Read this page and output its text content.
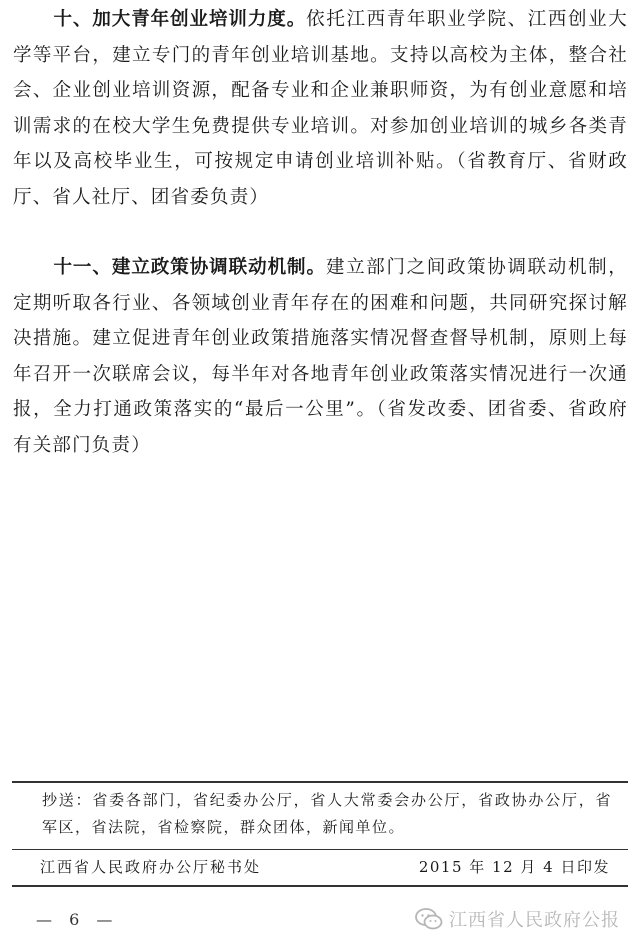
十、加大青年创业培训力度。依托江西青年职业学院、江西创业大学等平台，建立专门的青年创业培训基地。支持以高校为主体，整合社会、企业创业培训资源，配备专业和企业兼职师资，为有创业意愿和培训需求的在校大学生免费提供专业培训。对参加创业培训的城乡各类青年以及高校毕业生，可按规定申请创业培训补贴。（省教育厅、省财政厅、省人社厅、团省委负责）

十一、建立政策协调联动机制。建立部门之间政策协调联动机制，定期听取各行业、各领域创业青年存在的困难和问题，共同研究探讨解决措施。建立促进青年创业政策措施落实情况督查督导机制，原则上每年召开一次联席会议，每半年对各地青年创业政策落实情况进行一次通报，全力打通政策落实的“最后一公里”。（省发改委、团省委、省政府有关部门负责）

抄送：省委各部门，省纪委办公厅，省人大常委会办公厅，省政协办公厅，省军区，省法院，省检察院，群众团体，新闻单位。

江西省人民政府办公厅秘书处	2015 年 12 月 4 日印发
— 6 —	江西省人民政府公报
